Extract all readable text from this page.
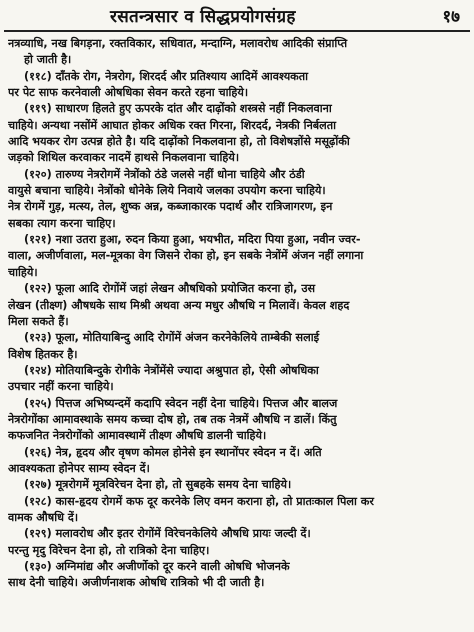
रसतन्त्रसार व सिद्धप्रयोगसंग्रह	१७
नत्रव्याधि, नख बिगड़ना, रक्तविकार, सधिवात, मन्दाग्नि, मलावरोध आदिकी संप्राप्ति
हो जाती है।
(११८) दाँतके रोग, नेत्ररोग, शिरदर्द और प्रतिश्याय आदिमें आवश्यकता
पर पेट साफ करनेवाली ओषधिका सेवन करते रहना चाहिये।
(११९) साधारण हिलते हुए ऊपरके दांत और दाढ़ोंको शस्त्रसे नहीं निकलवाना
चाहिये। अन्यथा नसोंमें आघात होकर अधिक रक्त गिरना, शिरदर्द, नेत्रकी निर्बलता
आदि भयकर रोग उत्पन्न होते है। यदि दाढ़ोंको निकलवाना हो, तो विशेषज्ञोंसे मसूढ़ोंकी
जड़को शिथिल करवाकर नादमें हाथसे निकलवाना चाहिये।
(१२०) तारुण्य नेत्ररोगमें नेत्रोंको ठंडे जलसे नहीं धोना चाहिये और ठंडी
वायुसे बचाना चाहिये। नेत्रोंको धोनेके लिये निवाये जलका उपयोग करना चाहिये।
नेत्र रोगमें गुड़, मत्स्य, तेल, शुष्क अन्न, कब्जाकारक पदार्थ और रात्रिजागरण, इन
सबका त्याग करना चाहिए।
(१२१) नशा उतरा हुआ, रुदन किया हुआ, भयभीत, मदिरा पिया हुआ, नवीन ज्वर-
वाला, अजीर्णवाला, मल-मूत्रका वेग जिसने रोका हो, इन सबके नेत्रोंमें अंजन नहीं लगाना
चाहिये।
(१२२) फूला आदि रोगोंमें जहां लेखन औषधिको प्रयोजित करना हो, उस
लेखन (तीक्ष्ण) औषधके साथ मिश्री अथवा अन्य मधुर औषधि न मिलावें। केवल शहद
मिला सकते हैं।
(१२३) फूला, मोतियाबिन्दु आदि रोगोंमें अंजन करनेकेलिये ताम्बेकी सलाई
विशेष हितकर है।
(१२४) मोतियाबिन्दुके रोगीके नेत्रोंमेंसे ज्यादा अश्रुपात हो, ऐसी ओषधिका
उपचार नहीं करना चाहिये।
(१२५) पित्तज अभिष्यन्दमें कदापि स्वेदन नहीं देना चाहिये। पित्तज और बालज
नेत्ररोगोंका आमावस्थाके समय कच्चा दोष हो, तब तक नेत्रमें औषधि न डालें। किंतु
कफजनित नेत्ररोगोंको आमावस्थामें तीक्ष्ण औषधि डालनी चाहिये।
(१२६) नेत्र, हृदय और वृषण कोमल होनेसे इन स्थानोंपर स्वेदन न दें। अति
आवश्यकता होनेपर साम्य स्वेदन दें।
(१२७) मूत्ररोगमें मूत्रविरेचन देना हो, तो सुबहके समय देना चाहिये।
(१२८) कास-हृदय रोगमें कफ दूर करनेके लिए वमन कराना हो, तो प्रातःकाल पिला कर
वामक औषधि दें।
(१२९) मलावरोध और इतर रोगोंमें विरेचनकेलिये औषधि प्रायः जल्दी दें।
परन्तु मृदु विरेचन देना हो, तो रात्रिको देना चाहिए।
(१३०) अग्निमांद्य और अजीर्णोको दूर करने वाली ओषधि भोजनके
साथ देनी चाहिये। अजीर्णनाशक ओषधि रात्रिको भी दी जाती है।
